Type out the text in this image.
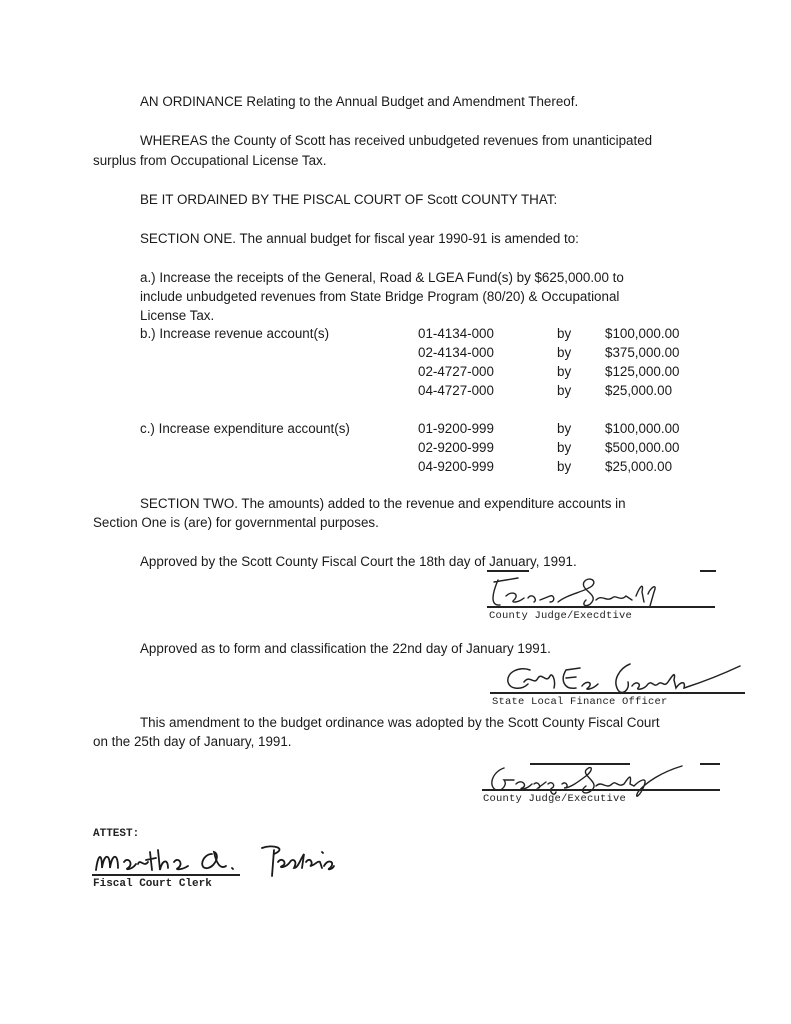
AN ORDINANCE Relating to the Annual Budget and Amendment Thereof.
WHEREAS the County of Scott has received unbudgeted revenues from unanticipated
surplus from Occupational License Tax.
BE IT ORDAINED BY THE PISCAL COURT OF Scott COUNTY THAT:
SECTION ONE. The annual budget for fiscal year 1990-91 is amended to:
a.) Increase the receipts of the General, Road & LGEA Fund(s) by $625,000.00 to
include unbudgeted revenues from State Bridge Program (80/20) & Occupational
License Tax.
b.) Increase revenue account(s)	01-4134-000	by	$100,000.00
02-4134-000	by	$375,000.00
02-4727-000	by	$125,000.00
04-4727-000	by	$25,000.00
c.) Increase expenditure account(s)	01-9200-999	by	$100,000.00
02-9200-999	by	$500,000.00
04-9200-999	by	$25,000.00
SECTION TWO. The amounts) added to the revenue and expenditure accounts in
Section One is (are) for governmental purposes.
Approved by the Scott County Fiscal Court the 18th day of January, 1991.
County Judge/Execdtive
Approved as to form and classification the 22nd day of January 1991.
State Local Finance Officer
This amendment to the budget ordinance was adopted by the Scott County Fiscal Court
on the 25th day of January, 1991.
County Judge/Executive
ATTEST:
Fiscal Court Clerk
